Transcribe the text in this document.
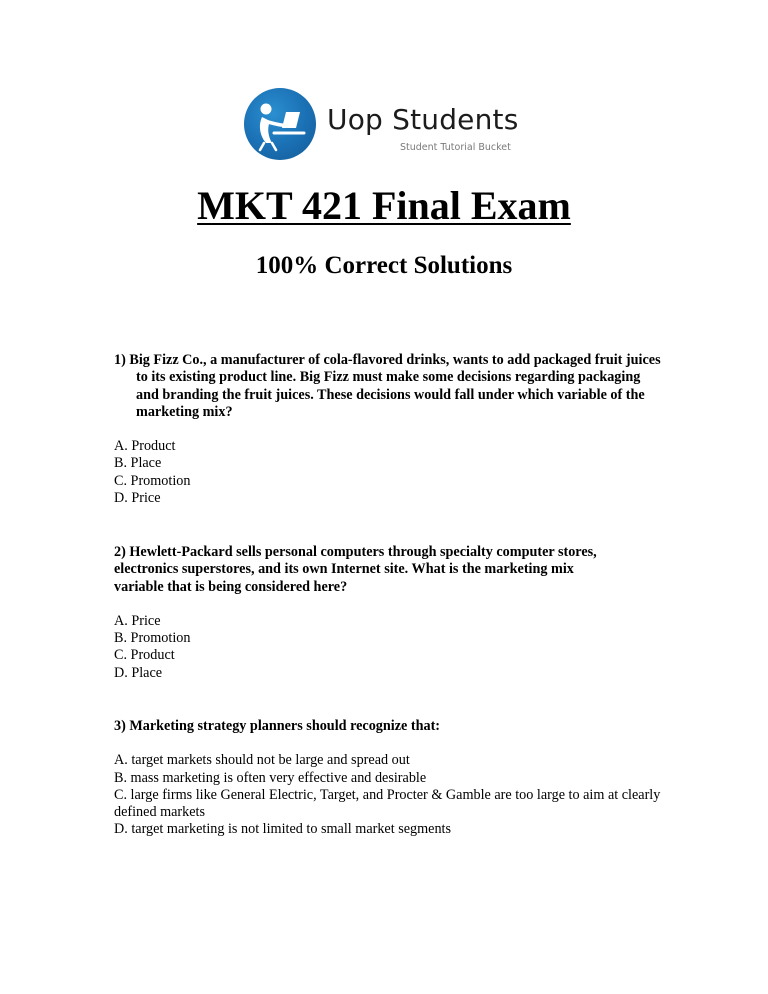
Uop Students
Student Tutorial Bucket
MKT 421 Final Exam
100% Correct Solutions

1) Big Fizz Co., a manufacturer of cola-flavored drinks, wants to add packaged fruit juices to its existing product line. Big Fizz must make some decisions regarding packaging and branding the fruit juices. These decisions would fall under which variable of the marketing mix?

A. Product
B. Place
C. Promotion
D. Price

2) Hewlett-Packard sells personal computers through specialty computer stores,
electronics superstores, and its own Internet site. What is the marketing mix
variable that is being considered here?

A. Price
B. Promotion
C. Product
D. Place

3) Marketing strategy planners should recognize that:

A. target markets should not be large and spread out
B. mass marketing is often very effective and desirable
C. large firms like General Electric, Target, and Procter & Gamble are too large to aim at clearly defined markets
D. target marketing is not limited to small market segments
